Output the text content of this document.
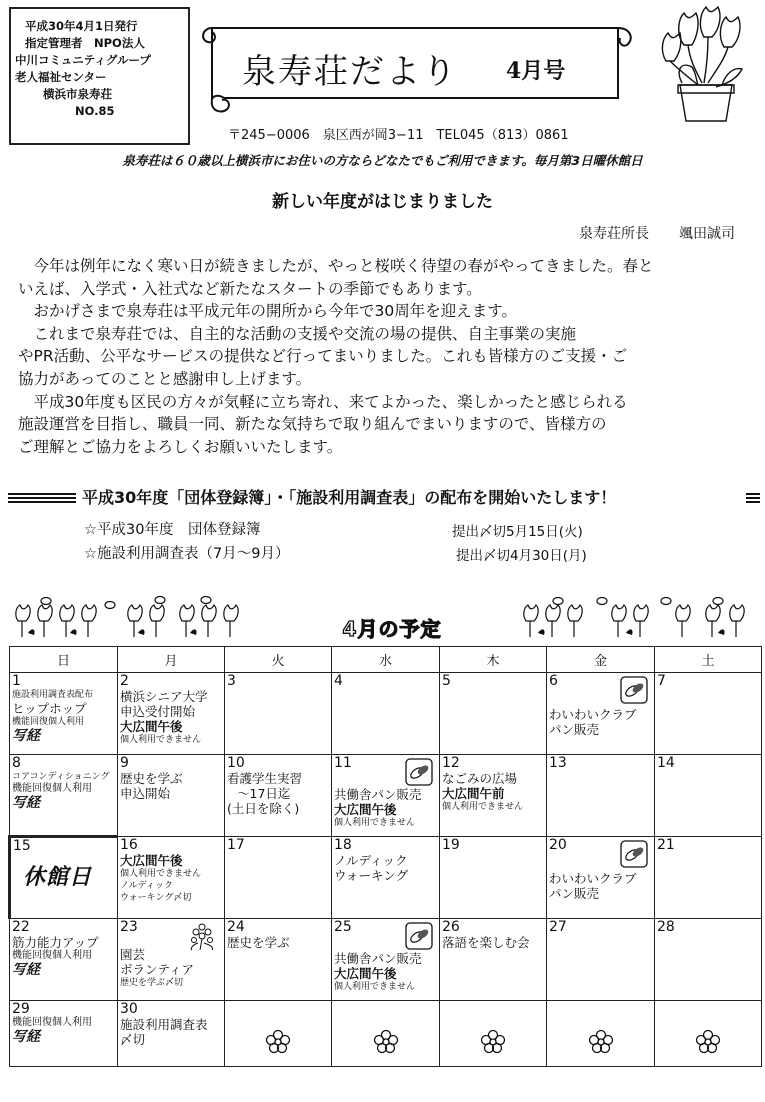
平成30年4月1日発行
指定管理者　NPO法人
中川コミュニティグループ
老人福祉センター
横浜市泉寿荘
NO.85
泉寿荘だより 4月号
〒245−0006　泉区西が岡3−11　TEL045（813）0861
泉寿荘は６０歳以上横浜市にお住いの方ならどなたでもご利用できます。毎月第3日曜休館日
新しい年度がはじまりました
泉寿荘所長 颯田誠司

　今年は例年になく寒い日が続きましたが、やっと桜咲く待望の春がやってきました。春と

いえば、入学式・入社式など新たなスタートの季節でもあります。

　おかげさまで泉寿荘は平成元年の開所から今年で30周年を迎えます。

　これまで泉寿荘では、自主的な活動の支援や交流の場の提供、自主事業の実施

やPR活動、公平なサービスの提供など行ってまいりました。これも皆様方のご支援・ご

協力があってのことと感謝申し上げます。

　平成30年度も区民の方々が気軽に立ち寄れ、来てよかった、楽しかったと感じられる

施設運営を目指し、職員一同、新たな気持ちで取り組んでまいりますので、皆様方の

ご理解とご協力をよろしくお願いいたします。

平成30年度「団体登録簿」・「施設利用調査表」の配布を開始いたします！
☆平成30年度　団体登録簿	提出〆切5月15日(火)
☆施設利用調査表（7月〜9月）	提出〆切4月30日(月)
4月の予定
日	月	火	水	木	金	土

1
施設利用調査表配布
ヒップホップ
機能回復個人利用
写経	2
横浜シニア大学
申込受付開始
大広間午後
個人利用できません	3	4	5	6
わいわいクラブ
パン販売	7

8
コアコンディショニング
機能回復個人利用
写経	9
歴史を学ぶ
申込開始	10
看護学生実習
〜17日迄
(土日を除く)	11
共働舎パン販売
大広間午後
個人利用できません	12
なごみの広場
大広間午前
個人利用できません	13	14

15
休館日	16
大広間午後
個人利用できません
ノルディック
ウォーキング〆切	17	18
ノルディック
ウォーキング	19	20
わいわいクラブ
パン販売	21

22
筋力能力アップ
機能回復個人利用
写経	23
園芸
ボランティア
歴史を学ぶ〆切	24
歴史を学ぶ	25
共働舎パン販売
大広間午後
個人利用できません	26
落語を楽しむ会	27	28

29
機能回復個人利用
写経	30
施設利用調査表
〆切
